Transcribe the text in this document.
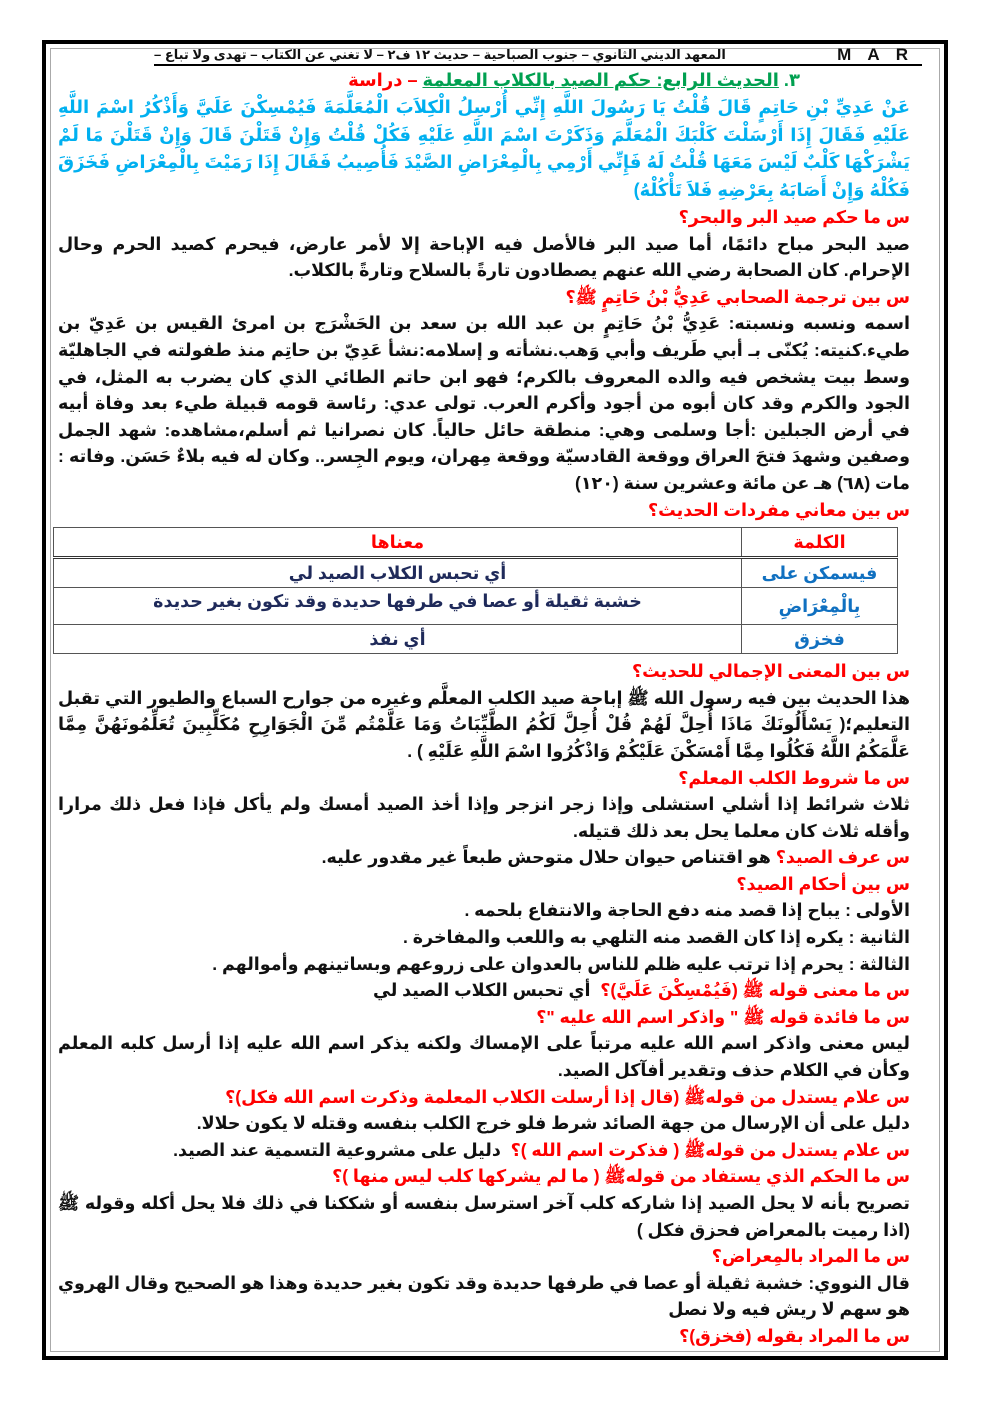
M A R
المعهد الديني الثانوي – جنوب الصباحية – حديث ١٢ ف٢ – لا تغني عن الكتاب – تهدى ولا تباع –
٣. الحديث الرابع: حكم الصيد بالكلاب المعلمة – دراسة

عَنْ عَدِيِّ بْنِ حَاتِمٍ قَالَ قُلْتُ يَا رَسُولَ اللَّهِ إِنِّي أُرْسِلُ الْكِلاَبَ الْمُعَلَّمَةَ فَيُمْسِكْنَ عَلَيَّ وَأَذْكُرُ اسْمَ اللَّهِ عَلَيْهِ فَقَالَ إِذَا أَرْسَلْتَ كَلْبَكَ الْمُعَلَّمَ وَذَكَرْتَ اسْمَ اللَّهِ عَلَيْهِ فَكُلْ قُلْتُ وَإِنْ قَتَلْنَ قَالَ وَإِنْ قَتَلْنَ مَا لَمْ يَشْرَكْهَا كَلْبٌ لَيْسَ مَعَهَا قُلْتُ لَهُ فَإِنِّي أَرْمِي بِالْمِعْرَاضِ الصَّيْدَ فَأُصِيبُ فَقَالَ إِذَا رَمَيْتَ بِالْمِعْرَاضِ فَخَزَقَ فَكُلْهُ وَإِنْ أَصَابَهُ بِعَرْضِهِ فَلاَ تَأْكُلْهُ)

س ما حكم صيد البر والبحر؟

صيد البحر مباح دائمًا، أما صيد البر فالأصل فيه الإباحة إلا لأمر عارض، فيحرم كصيد الحرم وحال الإحرام. كان الصحابة رضي الله عنهم يصطادون تارةً بالسلاح وتارةً بالكلاب.

س بين ترجمة الصحابي عَدِيُّ بْنُ حَاتِمٍ ﷺ؟

اسمه ونسبه ونسبته: عَدِيُّ بْنُ حَاتِمٍ بن عبد الله بن سعد بن الحَشْرَج بن امرئ القيس بن عَدِيّ بن طيء.كنيته: يُكنّى بـ أبي طَريف وأبي وَهب.نشأته و إسلامه:نشأ عَدِيّ بن حاتِم منذ طفولته في الجاهليّة وسط بيت يشخص فيه والده المعروف بالكرم؛ فهو ابن حاتم الطائي الذي كان يضرب به المثل، في الجود والكرم وقد كان أبوه من أجود وأكرم العرب. تولى عدي: رئاسة قومه قبيلة طيء بعد وفاة أبيه في أرض الجبلين :أجا وسلمى وهي: منطقة حائل حالياً. كان نصرانيا ثم أسلم،مشاهده: شهد الجمل وصفين وشهدَ فتحَ العراق ووقعة القادسيّة ووقعة مِهران، ويوم الجِسر.. وكان له فيه بلاءٌ حَسَن. وفاته : مات (٦٨) هـ عن مائة وعشرين سنة (١٢٠)

س بين معاني مفردات الحديث؟

الكلمة	معناها
فيسمكن على	أي تحبس الكلاب الصيد لي
بِالْمِعْرَاضِ	خشبة ثقيلة أو عصا في طرفها حديدة وقد تكون بغير حديدة
فخزق	أي نفذ

س بين المعنى الإجمالي للحديث؟

هذا الحديث بين فيه رسول الله ﷺ إباحة صيد الكلب المعلَّم وغيره من جوارح السباع والطيور التي تقبل التعليم؛( يَسْأَلُونَكَ مَاذَا أُحِلَّ لَهُمْ قُلْ أُحِلَّ لَكُمُ الطَّيِّبَاتُ وَمَا عَلَّمْتُم مِّنَ الْجَوَارِحِ مُكَلِّبِينَ تُعَلِّمُونَهُنَّ مِمَّا عَلَّمَكُمُ اللَّهُ فَكُلُوا مِمَّا أَمْسَكْنَ عَلَيْكُمْ وَاذْكُرُوا اسْمَ اللَّهِ عَلَيْهِ ) .

س ما شروط الكلب المعلم؟

ثلاث شرائط إذا أشلي استشلى وإذا زجر انزجر وإذا أخذ الصيد أمسك ولم يأكل فإذا فعل ذلك مرارا وأقله ثلاث كان معلما يحل بعد ذلك قتيله.

س عرف الصيد؟ هو اقتناص حيوان حلال متوحش طبعاً غير مقدور عليه.

س بين أحكام الصيد؟

الأولى : يباح إذا قصد منه دفع الحاجة والانتفاع بلحمه .

الثانية : يكره إذا كان القصد منه التلهي به واللعب والمفاخرة .

الثالثة : يحرم إذا ترتب عليه ظلم للناس بالعدوان على زروعهم وبساتينهم وأموالهم .

س ما معنى قوله ﷺ (فَيُمْسِكْنَ عَلَيَّ)؟  أي تحبس الكلاب الصيد لي

س ما فائدة قوله ﷺ " واذكر اسم الله عليه "؟

ليس معنى واذكر اسم الله عليه مرتباً على الإمساك ولكنه يذكر اسم الله عليه إذا أرسل كلبه المعلم وكأن في الكلام حذف وتقدير أفآكل الصيد.

س علام يستدل من قولهﷺ (قال إذا أرسلت الكلاب المعلمة وذكرت اسم الله فكل)؟

دليل على أن الإرسال من جهة الصائد شرط فلو خرج الكلب بنفسه وقتله لا يكون حلالا.

س علام يستدل من قولهﷺ ( فذكرت اسم الله )؟  دليل على مشروعية التسمية عند الصيد.

س ما الحكم الذي يستفاد من قولهﷺ ( ما لم يشركها كلب ليس منها )؟

تصريح بأنه لا يحل الصيد إذا شاركه كلب آخر استرسل بنفسه أو شككنا في ذلك فلا يحل أكله وقوله ﷺ (اذا رميت بالمعراض فحزق فكل )

س ما المراد بالمِعراض؟

قال النووي: خشبة ثقيلة أو عصا في طرفها حديدة وقد تكون بغير حديدة وهذا هو الصحيح وقال الهروي هو سهم لا ريش فيه ولا نصل

س ما المراد بقوله (فخزق)؟
